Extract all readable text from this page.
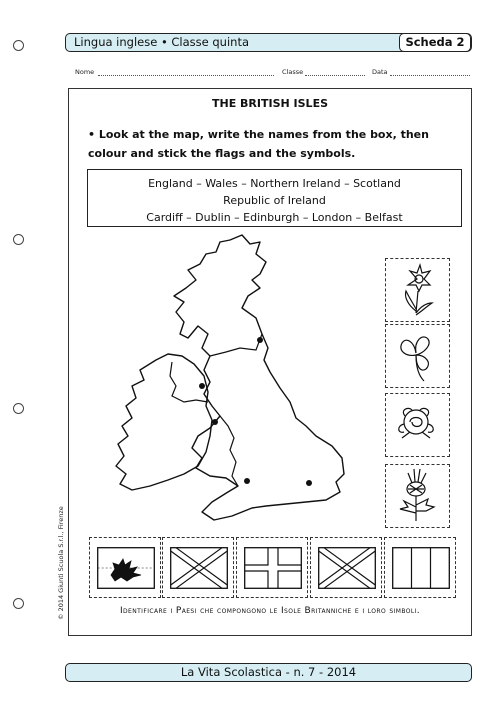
Lingua inglese • Classe quinta	Scheda 2
Nome	Classe	Data
THE BRITISH ISLES
• Look at the map, write the names from the box, then colour and stick the flags and the symbols.
England – Wales – Northern Ireland – Scotland
Republic of Ireland
Cardiff – Dublin – Edinburgh – London – Belfast
Identificare i Paesi che compongono le Isole Britanniche e i loro simboli.
© 2014 Giunti Scuola S.r.l., Firenze
La Vita Scolastica - n. 7 - 2014
